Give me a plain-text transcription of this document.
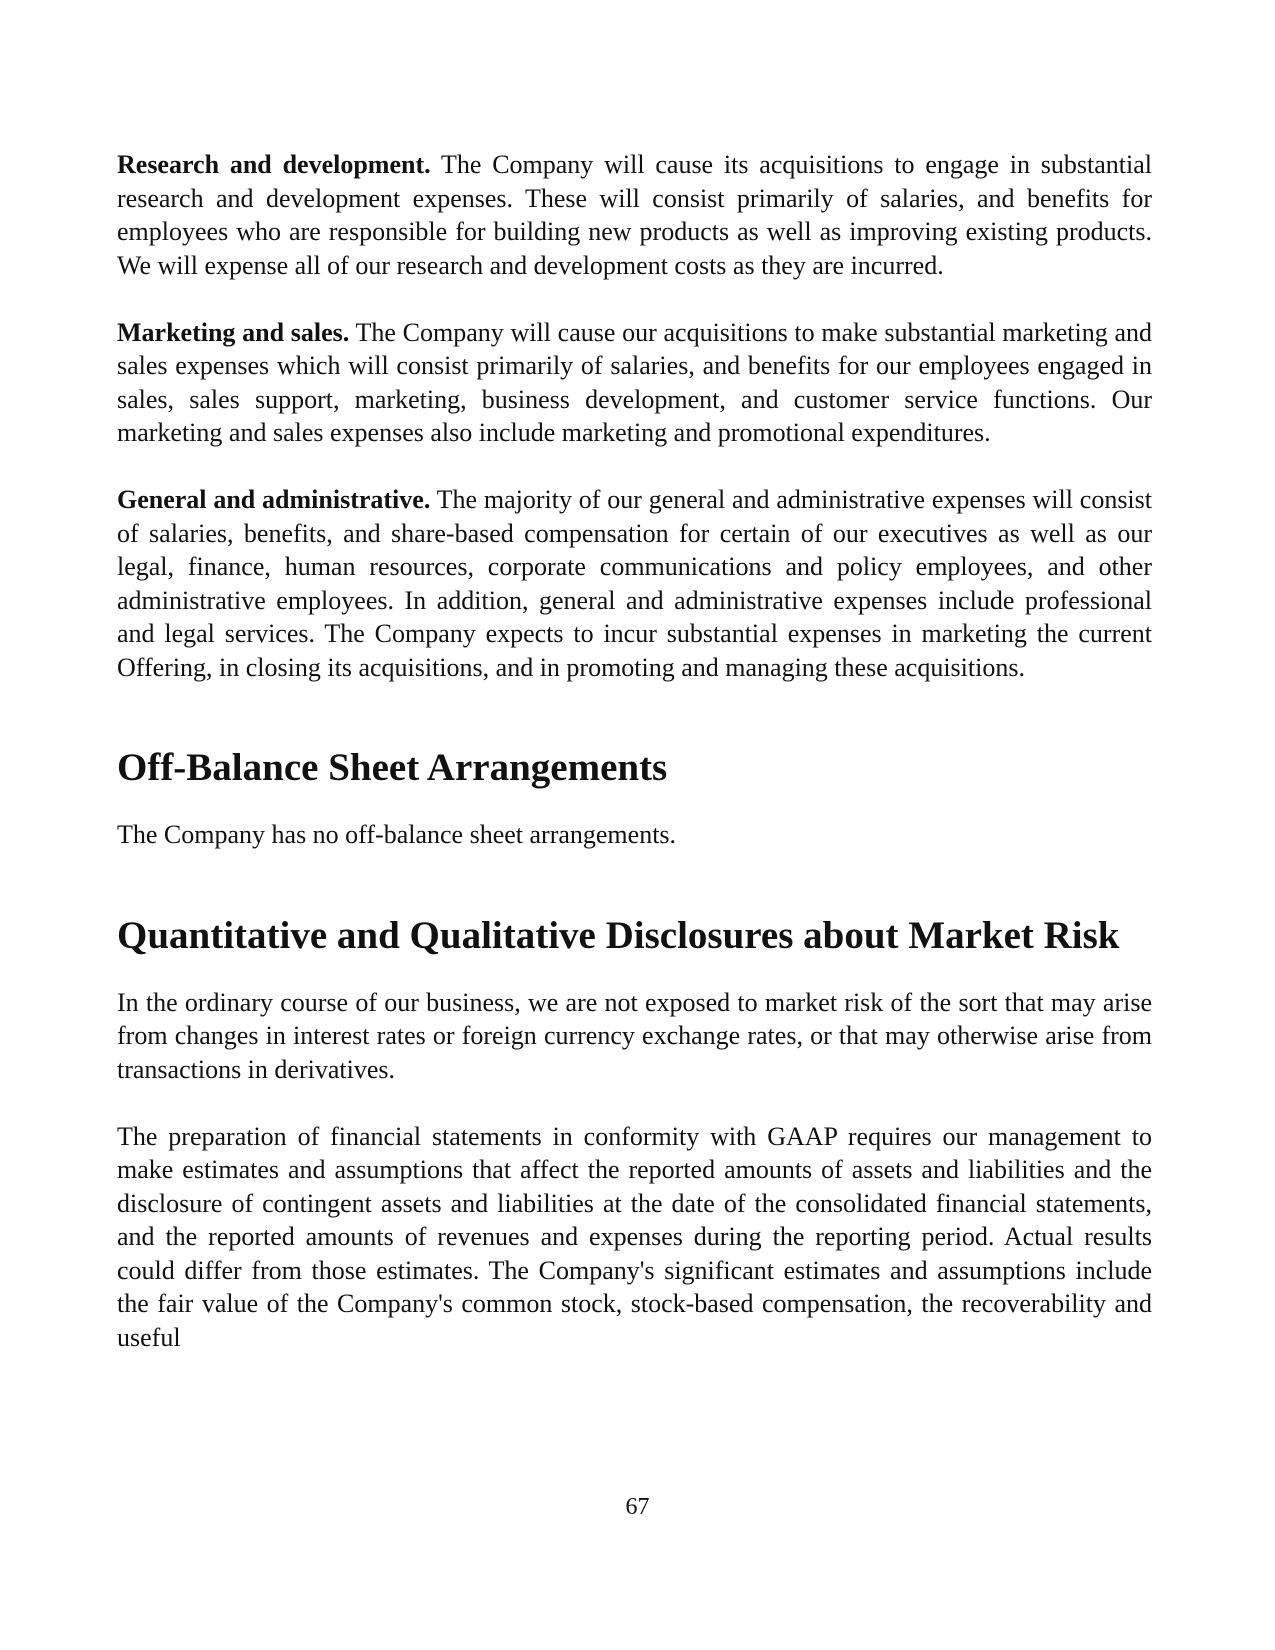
Research and development. The Company will cause its acquisitions to engage in substantial research and development expenses. These will consist primarily of salaries, and benefits for employees who are responsible for building new products as well as improving existing products. We will expense all of our research and development costs as they are incurred.

Marketing and sales. The Company will cause our acquisitions to make substantial marketing and sales expenses which will consist primarily of salaries, and benefits for our employees engaged in sales, sales support, marketing, business development, and customer service functions. Our marketing and sales expenses also include marketing and promotional expenditures.

General and administrative. The majority of our general and administrative expenses will consist of salaries, benefits, and share-based compensation for certain of our executives as well as our legal, finance, human resources, corporate communications and policy employees, and other administrative employees. In addition, general and administrative expenses include professional and legal services. The Company expects to incur substantial expenses in marketing the current Offering, in closing its acquisitions, and in promoting and managing these acquisitions.

Off-Balance Sheet Arrangements

The Company has no off-balance sheet arrangements.

Quantitative and Qualitative Disclosures about Market Risk

In the ordinary course of our business, we are not exposed to market risk of the sort that may arise from changes in interest rates or foreign currency exchange rates, or that may otherwise arise from transactions in derivatives.

The preparation of financial statements in conformity with GAAP requires our management to make estimates and assumptions that affect the reported amounts of assets and liabilities and the disclosure of contingent assets and liabilities at the date of the consolidated financial statements, and the reported amounts of revenues and expenses during the reporting period. Actual results could differ from those estimates. The Company's significant estimates and assumptions include the fair value of the Company's common stock, stock-based compensation, the recoverability and useful

67
